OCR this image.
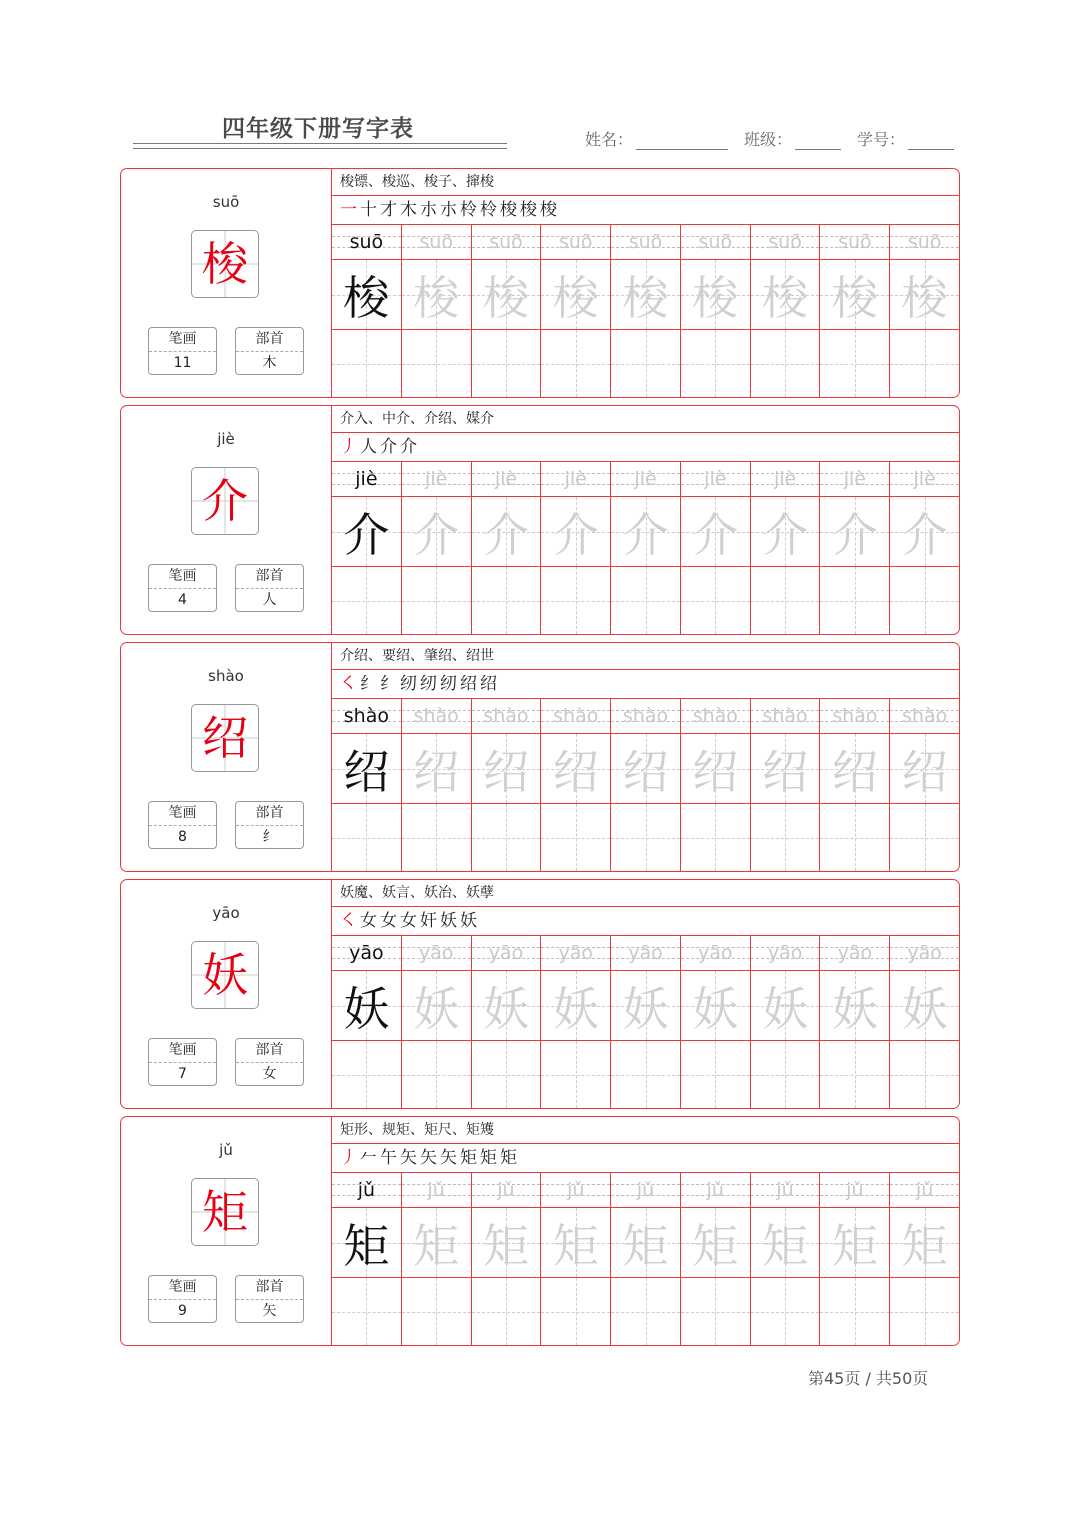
四年级下册写字表	姓名：	班级：	学号：
suō
梭
笔画
11
部首
木
梭镖、梭巡、梭子、撺梭
一 十 才 木 朩 朩 柃 柃 梭 梭 梭
suō
梭
suō
梭
suō
梭
suō
梭
suō
梭
suō
梭
suō
梭
suō
梭
suō
梭
jiè
介
笔画
4
部首
人
介入、中介、介绍、媒介
丿 人 介 介
jiè
介
jiè
介
jiè
介
jiè
介
jiè
介
jiè
介
jiè
介
jiè
介
jiè
介
shào
绍
笔画
8
部首
纟
介绍、要绍、肇绍、绍世
㇛ 纟 纟 纫 纫 纫 绍 绍
shào
绍
shào
绍
shào
绍
shào
绍
shào
绍
shào
绍
shào
绍
shào
绍
shào
绍
yāo
妖
笔画
7
部首
女
妖魔、妖言、妖冶、妖孽
㇛ 女 女 女 奸 妖 妖
yāo
妖
yāo
妖
yāo
妖
yāo
妖
yāo
妖
yāo
妖
yāo
妖
yāo
妖
yāo
妖
jǔ
矩
笔画
9
部首
矢
矩形、规矩、矩尺、矩矱
丿 𠂉 午 矢 矢 矢 矩 矩 矩
jǔ
矩
jǔ
矩
jǔ
矩
jǔ
矩
jǔ
矩
jǔ
矩
jǔ
矩
jǔ
矩
jǔ
矩
第45页 / 共50页
